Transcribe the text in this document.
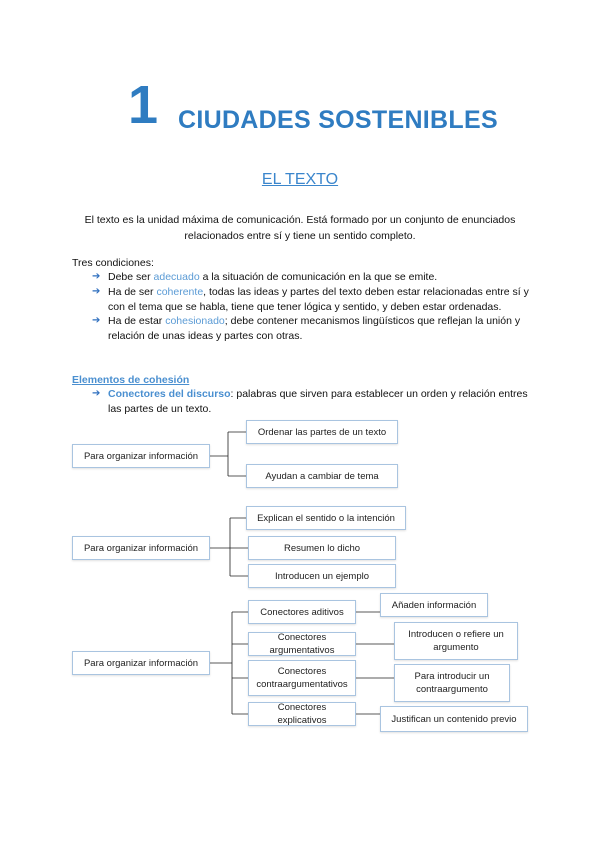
1 CIUDADES SOSTENIBLES
EL TEXTO
El texto es la unidad máxima de comunicación. Está formado por un conjunto de enunciados
relacionados entre sí y tiene un sentido completo.
Tres condiciones:
➔ Debe ser adecuado a la situación de comunicación en la que se emite.
➔ Ha de ser coherente, todas las ideas y partes del texto deben estar relacionadas entre sí y con el tema que se habla, tiene que tener lógica y sentido, y deben estar ordenadas.
➔ Ha de estar cohesionado; debe contener mecanismos lingüísticos que reflejan la unión y relación de unas ideas y partes con otras.
Elementos de cohesión
➔ Conectores del discurso: palabras que sirven para establecer un orden y relación entres las partes de un texto.
Para organizar información
Ordenar las partes de un texto
Ayudan a cambiar de tema
Para organizar información
Explican el sentido o la intención
Resumen lo dicho
Introducen un ejemplo
Para organizar información
Conectores aditivos
Conectores argumentativos
Conectores contraargumentativos
Conectores explicativos
Añaden información
Introducen o refiere un argumento
Para introducir un contraargumento
Justifican un contenido previo
